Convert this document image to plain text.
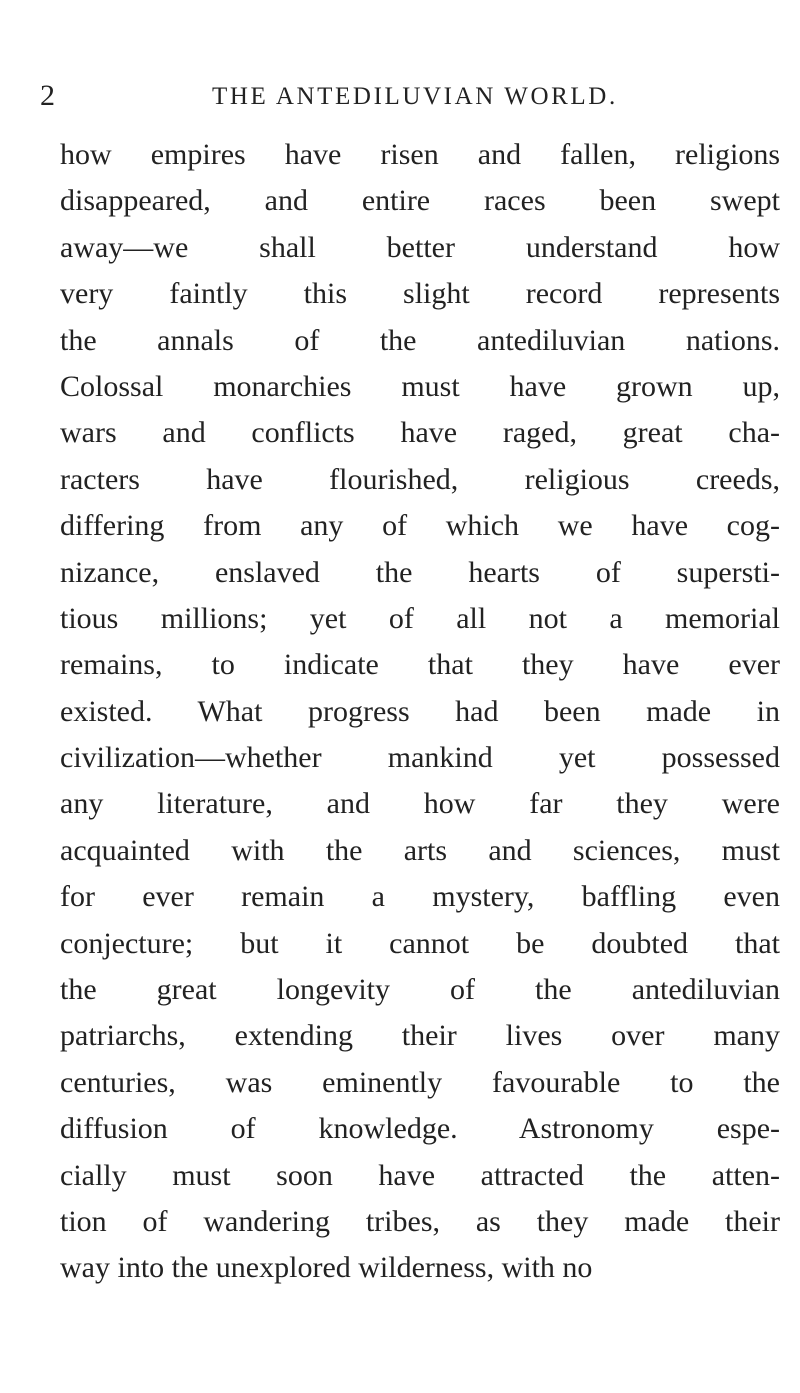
2	THE ANTEDILUVIAN WORLD.
how empires have risen and fallen, religions
disappeared, and entire races been swept
away—we shall better understand how
very faintly this slight record represents
the annals of the antediluvian nations.
Colossal monarchies must have grown up,
wars and conflicts have raged, great cha-
racters have flourished, religious creeds,
differing from any of which we have cog-
nizance, enslaved the hearts of supersti-
tious millions; yet of all not a memorial
remains, to indicate that they have ever
existed. What progress had been made in
civilization—whether mankind yet possessed
any literature, and how far they were
acquainted with the arts and sciences, must
for ever remain a mystery, baffling even
conjecture; but it cannot be doubted that
the great longevity of the antediluvian
patriarchs, extending their lives over many
centuries, was eminently favourable to the
diffusion of knowledge. Astronomy espe-
cially must soon have attracted the atten-
tion of wandering tribes, as they made their
way into the unexplored wilderness, with no
